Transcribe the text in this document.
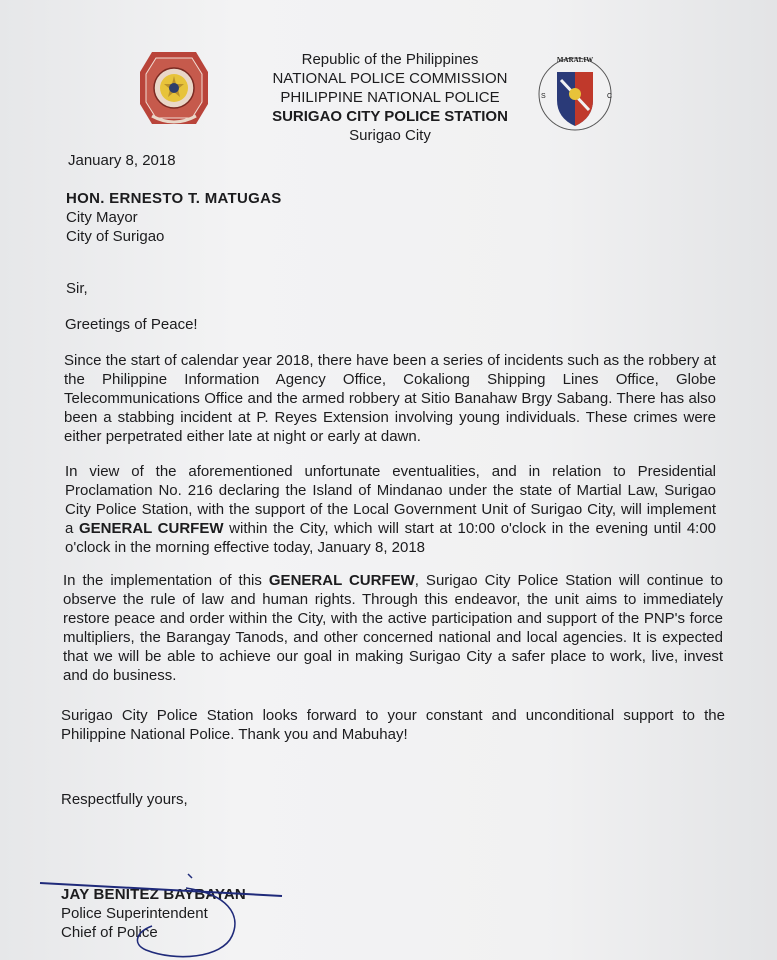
Republic of the Philippines
NATIONAL POLICE COMMISSION
PHILIPPINE NATIONAL POLICE
SURIGAO CITY POLICE STATION
Surigao City
MARALIW
S	C
January 8, 2018
HON. ERNESTO T. MATUGAS
City Mayor
City of Surigao
Sir,
Greetings of Peace!
Since the start of calendar year 2018, there have been a series of incidents such as the robbery at the Philippine Information Agency Office, Cokaliong Shipping Lines Office, Globe Telecommunications Office and the armed robbery at Sitio Banahaw Brgy Sabang. There has also been a stabbing incident at P. Reyes Extension involving young individuals. These crimes were either perpetrated either late at night or early at dawn.
In view of the aforementioned unfortunate eventualities, and in relation to Presidential Proclamation No. 216 declaring the Island of Mindanao under the state of Martial Law, Surigao City Police Station, with the support of the Local Government Unit of Surigao City, will implement a GENERAL CURFEW within the City, which will start at 10:00 o'clock in the evening until 4:00 o'clock in the morning effective today, January 8, 2018
In the implementation of this GENERAL CURFEW, Surigao City Police Station will continue to observe the rule of law and human rights. Through this endeavor, the unit aims to immediately restore peace and order within the City, with the active participation and support of the PNP's force multipliers, the Barangay Tanods, and other concerned national and local agencies. It is expected that we will be able to achieve our goal in making Surigao City a safer place to work, live, invest and do business.
Surigao City Police Station looks forward to your constant and unconditional support to the Philippine National Police. Thank you and Mabuhay!
Respectfully yours,
JAY BENITEZ BAYBAYAN
Police Superintendent
Chief of Police
